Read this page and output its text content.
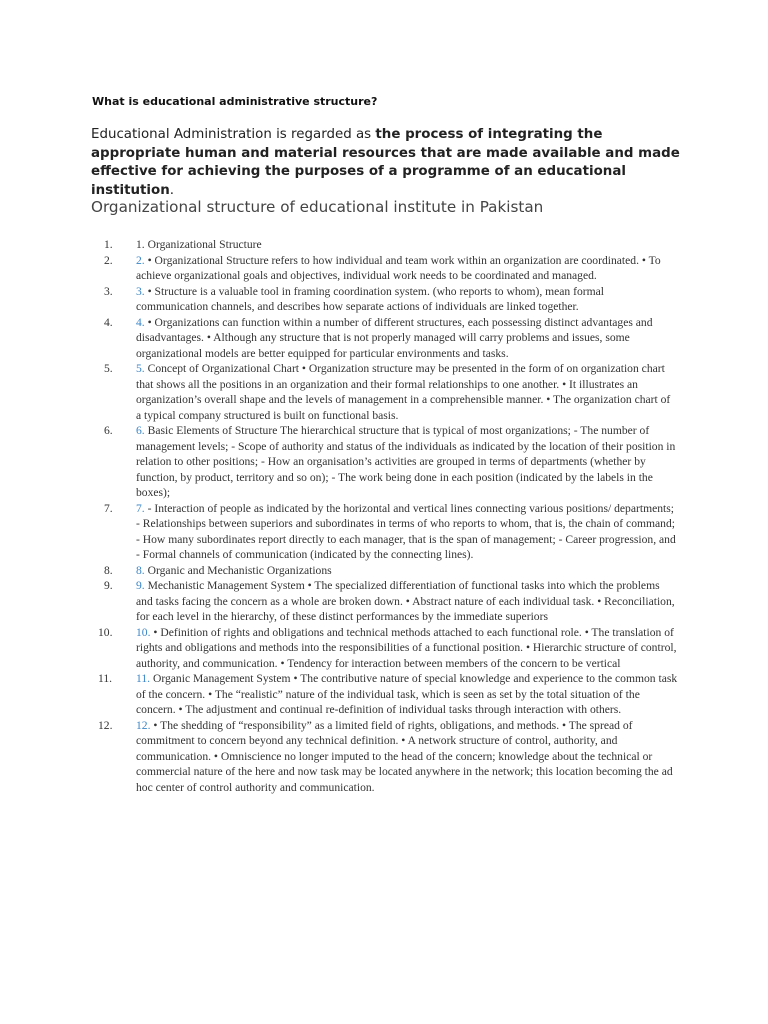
What is educational administrative structure?

Educational Administration is regarded as the process of integrating the appropriate human and material resources that are made available and made effective for achieving the purposes of a programme of an educational institution.

Organizational structure of educational institute in Pakistan
1.	1. Organizational Structure
2.	2. • Organizational Structure refers to how individual and team work within an organization are coordinated. • To achieve organizational goals and objectives, individual work needs to be coordinated and managed.
3.	3. • Structure is a valuable tool in framing coordination system. (who reports to whom), mean formal communication channels, and describes how separate actions of individuals are linked together.
4.	4. • Organizations can function within a number of different structures, each possessing distinct advantages and disadvantages. • Although any structure that is not properly managed will carry problems and issues, some organizational models are better equipped for particular environments and tasks.
5.	5. Concept of Organizational Chart • Organization structure may be presented in the form of on organization chart that shows all the positions in an organization and their formal relationships to one another. • It illustrates an organization’s overall shape and the levels of management in a comprehensible manner. • The organization chart of a typical company structured is built on functional basis.
6.	6. Basic Elements of Structure The hierarchical structure that is typical of most organizations; - The number of management levels; - Scope of authority and status of the individuals as indicated by the location of their position in relation to other positions; - How an organisation’s activities are grouped in terms of departments (whether by function, by product, territory and so on); - The work being done in each position (indicated by the labels in the boxes);
7.	7. - Interaction of people as indicated by the horizontal and vertical lines connecting various positions/ departments; - Relationships between superiors and subordinates in terms of who reports to whom, that is, the chain of command; - How many subordinates report directly to each manager, that is the span of management; - Career progression, and - Formal channels of communication (indicated by the connecting lines).
8.	8. Organic and Mechanistic Organizations
9.	9. Mechanistic Management System • The specialized differentiation of functional tasks into which the problems and tasks facing the concern as a whole are broken down. • Abstract nature of each individual task. • Reconciliation, for each level in the hierarchy, of these distinct performances by the immediate superiors
10.	10. • Definition of rights and obligations and technical methods attached to each functional role. • The translation of rights and obligations and methods into the responsibilities of a functional position. • Hierarchic structure of control, authority, and communication. • Tendency for interaction between members of the concern to be vertical
11.	11. Organic Management System • The contributive nature of special knowledge and experience to the common task of the concern. • The “realistic” nature of the individual task, which is seen as set by the total situation of the concern. • The adjustment and continual re-definition of individual tasks through interaction with others.
12.	12. • The shedding of “responsibility” as a limited field of rights, obligations, and methods. • The spread of commitment to concern beyond any technical definition. • A network structure of control, authority, and communication. • Omniscience no longer imputed to the head of the concern; knowledge about the technical or commercial nature of the here and now task may be located anywhere in the network; this location becoming the ad hoc center of control authority and communication.
